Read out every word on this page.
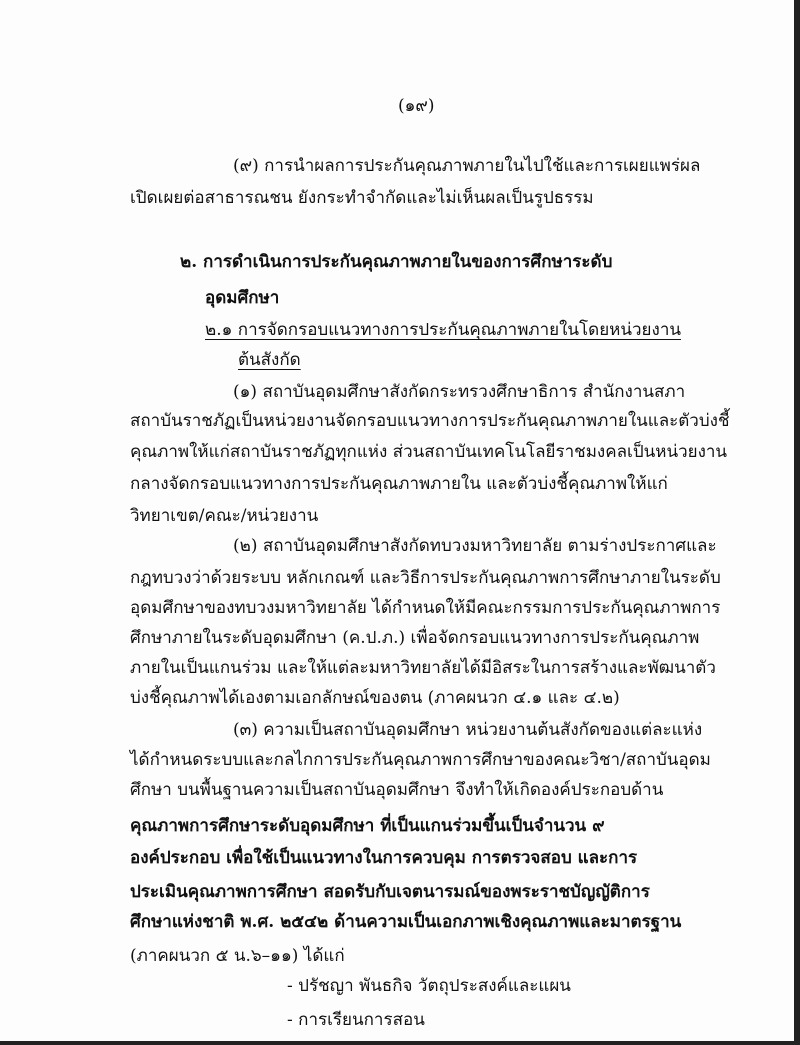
(๑๙)
(๙) การนำผลการประกันคุณภาพภายในไปใช้และการเผยแพร่ผล
เปิดเผยต่อสาธารณชน ยังกระทำจำกัดและไม่เห็นผลเป็นรูปธรรม
๒. การดำเนินการประกันคุณภาพภายในของการศึกษาระดับ
อุดมศึกษา
๒.๑ การจัดกรอบแนวทางการประกันคุณภาพภายในโดยหน่วยงาน
ต้นสังกัด
(๑) สถาบันอุดมศึกษาสังกัดกระทรวงศึกษาธิการ สำนักงานสภา
สถาบันราชภัฏเป็นหน่วยงานจัดกรอบแนวทางการประกันคุณภาพภายในและตัวบ่งชี้
คุณภาพให้แก่สถาบันราชภัฏทุกแห่ง ส่วนสถาบันเทคโนโลยีราชมงคลเป็นหน่วยงาน
กลางจัดกรอบแนวทางการประกันคุณภาพภายใน และตัวบ่งชี้คุณภาพให้แก่
วิทยาเขต/คณะ/หน่วยงาน
(๒) สถาบันอุดมศึกษาสังกัดทบวงมหาวิทยาลัย ตามร่างประกาศและ
กฎทบวงว่าด้วยระบบ หลักเกณฑ์ และวิธีการประกันคุณภาพการศึกษาภายในระดับ
อุดมศึกษาของทบวงมหาวิทยาลัย ได้กำหนดให้มีคณะกรรมการประกันคุณภาพการ
ศึกษาภายในระดับอุดมศึกษา (ค.ป.ภ.) เพื่อจัดกรอบแนวทางการประกันคุณภาพ
ภายในเป็นแกนร่วม และให้แต่ละมหาวิทยาลัยได้มีอิสระในการสร้างและพัฒนาตัว
บ่งชี้คุณภาพได้เองตามเอกลักษณ์ของตน (ภาคผนวก ๔.๑ และ ๔.๒)
(๓) ความเป็นสถาบันอุดมศึกษา หน่วยงานต้นสังกัดของแต่ละแห่ง
ได้กำหนดระบบและกลไกการประกันคุณภาพการศึกษาของคณะวิชา/สถาบันอุดม
ศึกษา บนพื้นฐานความเป็นสถาบันอุดมศึกษา จึงทำให้เกิดองค์ประกอบด้าน
คุณภาพการศึกษาระดับอุดมศึกษา ที่เป็นแกนร่วมขึ้นเป็นจำนวน ๙
องค์ประกอบ เพื่อใช้เป็นแนวทางในการควบคุม การตรวจสอบ และการ
ประเมินคุณภาพการศึกษา สอดรับกับเจตนารมณ์ของพระราชบัญญัติการ
ศึกษาแห่งชาติ พ.ศ. ๒๕๔๒ ด้านความเป็นเอกภาพเชิงคุณภาพและมาตรฐาน
(ภาคผนวก ๕ น.๖–๑๑) ได้แก่
- ปรัชญา พันธกิจ วัตถุประสงค์และแผน
- การเรียนการสอน
